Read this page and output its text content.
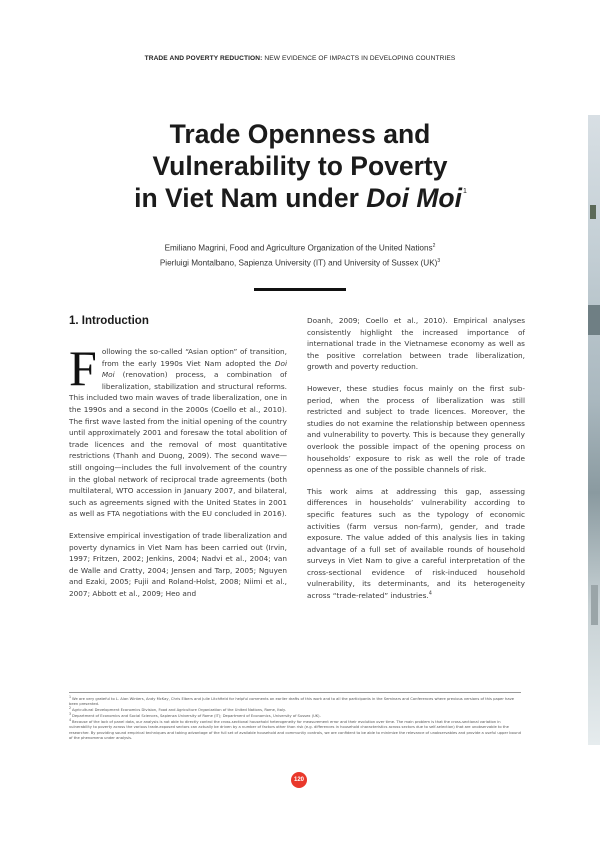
TRADE AND POVERTY REDUCTION: NEW EVIDENCE OF IMPACTS IN DEVELOPING COUNTRIES
Trade Openness and
Vulnerability to Poverty
in Viet Nam under Doi Moi$^1$
Emiliano Magrini, Food and Agriculture Organization of the United Nations$^2$
Pierluigi Montalbano, Sapienza University (IT) and University of Sussex (UK)$^3$
1. Introduction

Following the so-called “Asian option” of transition, from the early 1990s Viet Nam adopted the Doi Moi (renovation) process, a combination of liberalization, stabilization and structural reforms. This included two main waves of trade liberalization, one in the 1990s and a second in the 2000s (Coello et al., 2010). The first wave lasted from the initial opening of the country until approximately 2001 and foresaw the total abolition of trade licences and the removal of most quantitative restrictions (Thanh and Duong, 2009). The second wave—still ongoing—includes the full involvement of the country in the global network of reciprocal trade agreements (both multilateral, WTO accession in January 2007, and bilateral, such as agreements signed with the United States in 2001 as well as FTA negotiations with the EU concluded in 2016).

Extensive empirical investigation of trade liberalization and poverty dynamics in Viet Nam has been carried out (Irvin, 1997; Fritzen, 2002; Jenkins, 2004; Nadvi et al., 2004; van de Walle and Cratty, 2004; Jensen and Tarp, 2005; Nguyen and Ezaki, 2005; Fujii and Roland-Holst, 2008; Niimi et al., 2007; Abbott et al., 2009; Heo and

Doanh, 2009; Coello et al., 2010). Empirical analyses consistently highlight the increased importance of international trade in the Vietnamese economy as well as the positive correlation between trade liberalization, growth and poverty reduction.

However, these studies focus mainly on the first sub-period, when the process of liberalization was still restricted and subject to trade licences. Moreover, the studies do not examine the relationship between openness and vulnerability to poverty. This is because they generally overlook the possible impact of the opening process on households’ exposure to risk as well the role of trade openness as one of the possible channels of risk.

This work aims at addressing this gap, assessing differences in households’ vulnerability according to specific features such as the typology of economic activities (farm versus non-farm), gender, and trade exposure. The value added of this analysis lies in taking advantage of a full set of available rounds of household surveys in Viet Nam to give a careful interpretation of the cross-sectional evidence of risk-induced household vulnerability, its determinants, and its heterogeneity across “trade-related” industries.$^4$

1We are very grateful to L. Alan Winters, Andy McKay, Chris Elbers and Julie Litchfield for helpful comments on earlier drafts of this work and to all the participants in the Seminars and Conferences where previous versions of this paper have been presented.

2Agricultural Development Economics Division, Food and Agriculture Organization of the United Nations, Rome, Italy.

3Department of Economics and Social Sciences, Sapienza University of Rome (IT); Department of Economics, University of Sussex (UK).

4Because of the lack of panel data, our analysis is not able to directly control the cross-sectional household heterogeneity for measurement error and their evolution over time. The main problem is that the cross-sectional variation in vulnerability to poverty across the various trade-exposed sectors can actually be driven by a number of factors other than risk (e.g. differences in household characteristics across sectors due to self-selection) that are unobservable to the researcher. By providing sound empirical techniques and taking advantage of the full set of available household and community controls, we are confident to be able to minimize the relevance of unobservables and provide a useful upper bound of the phenomena under analysis.

120
